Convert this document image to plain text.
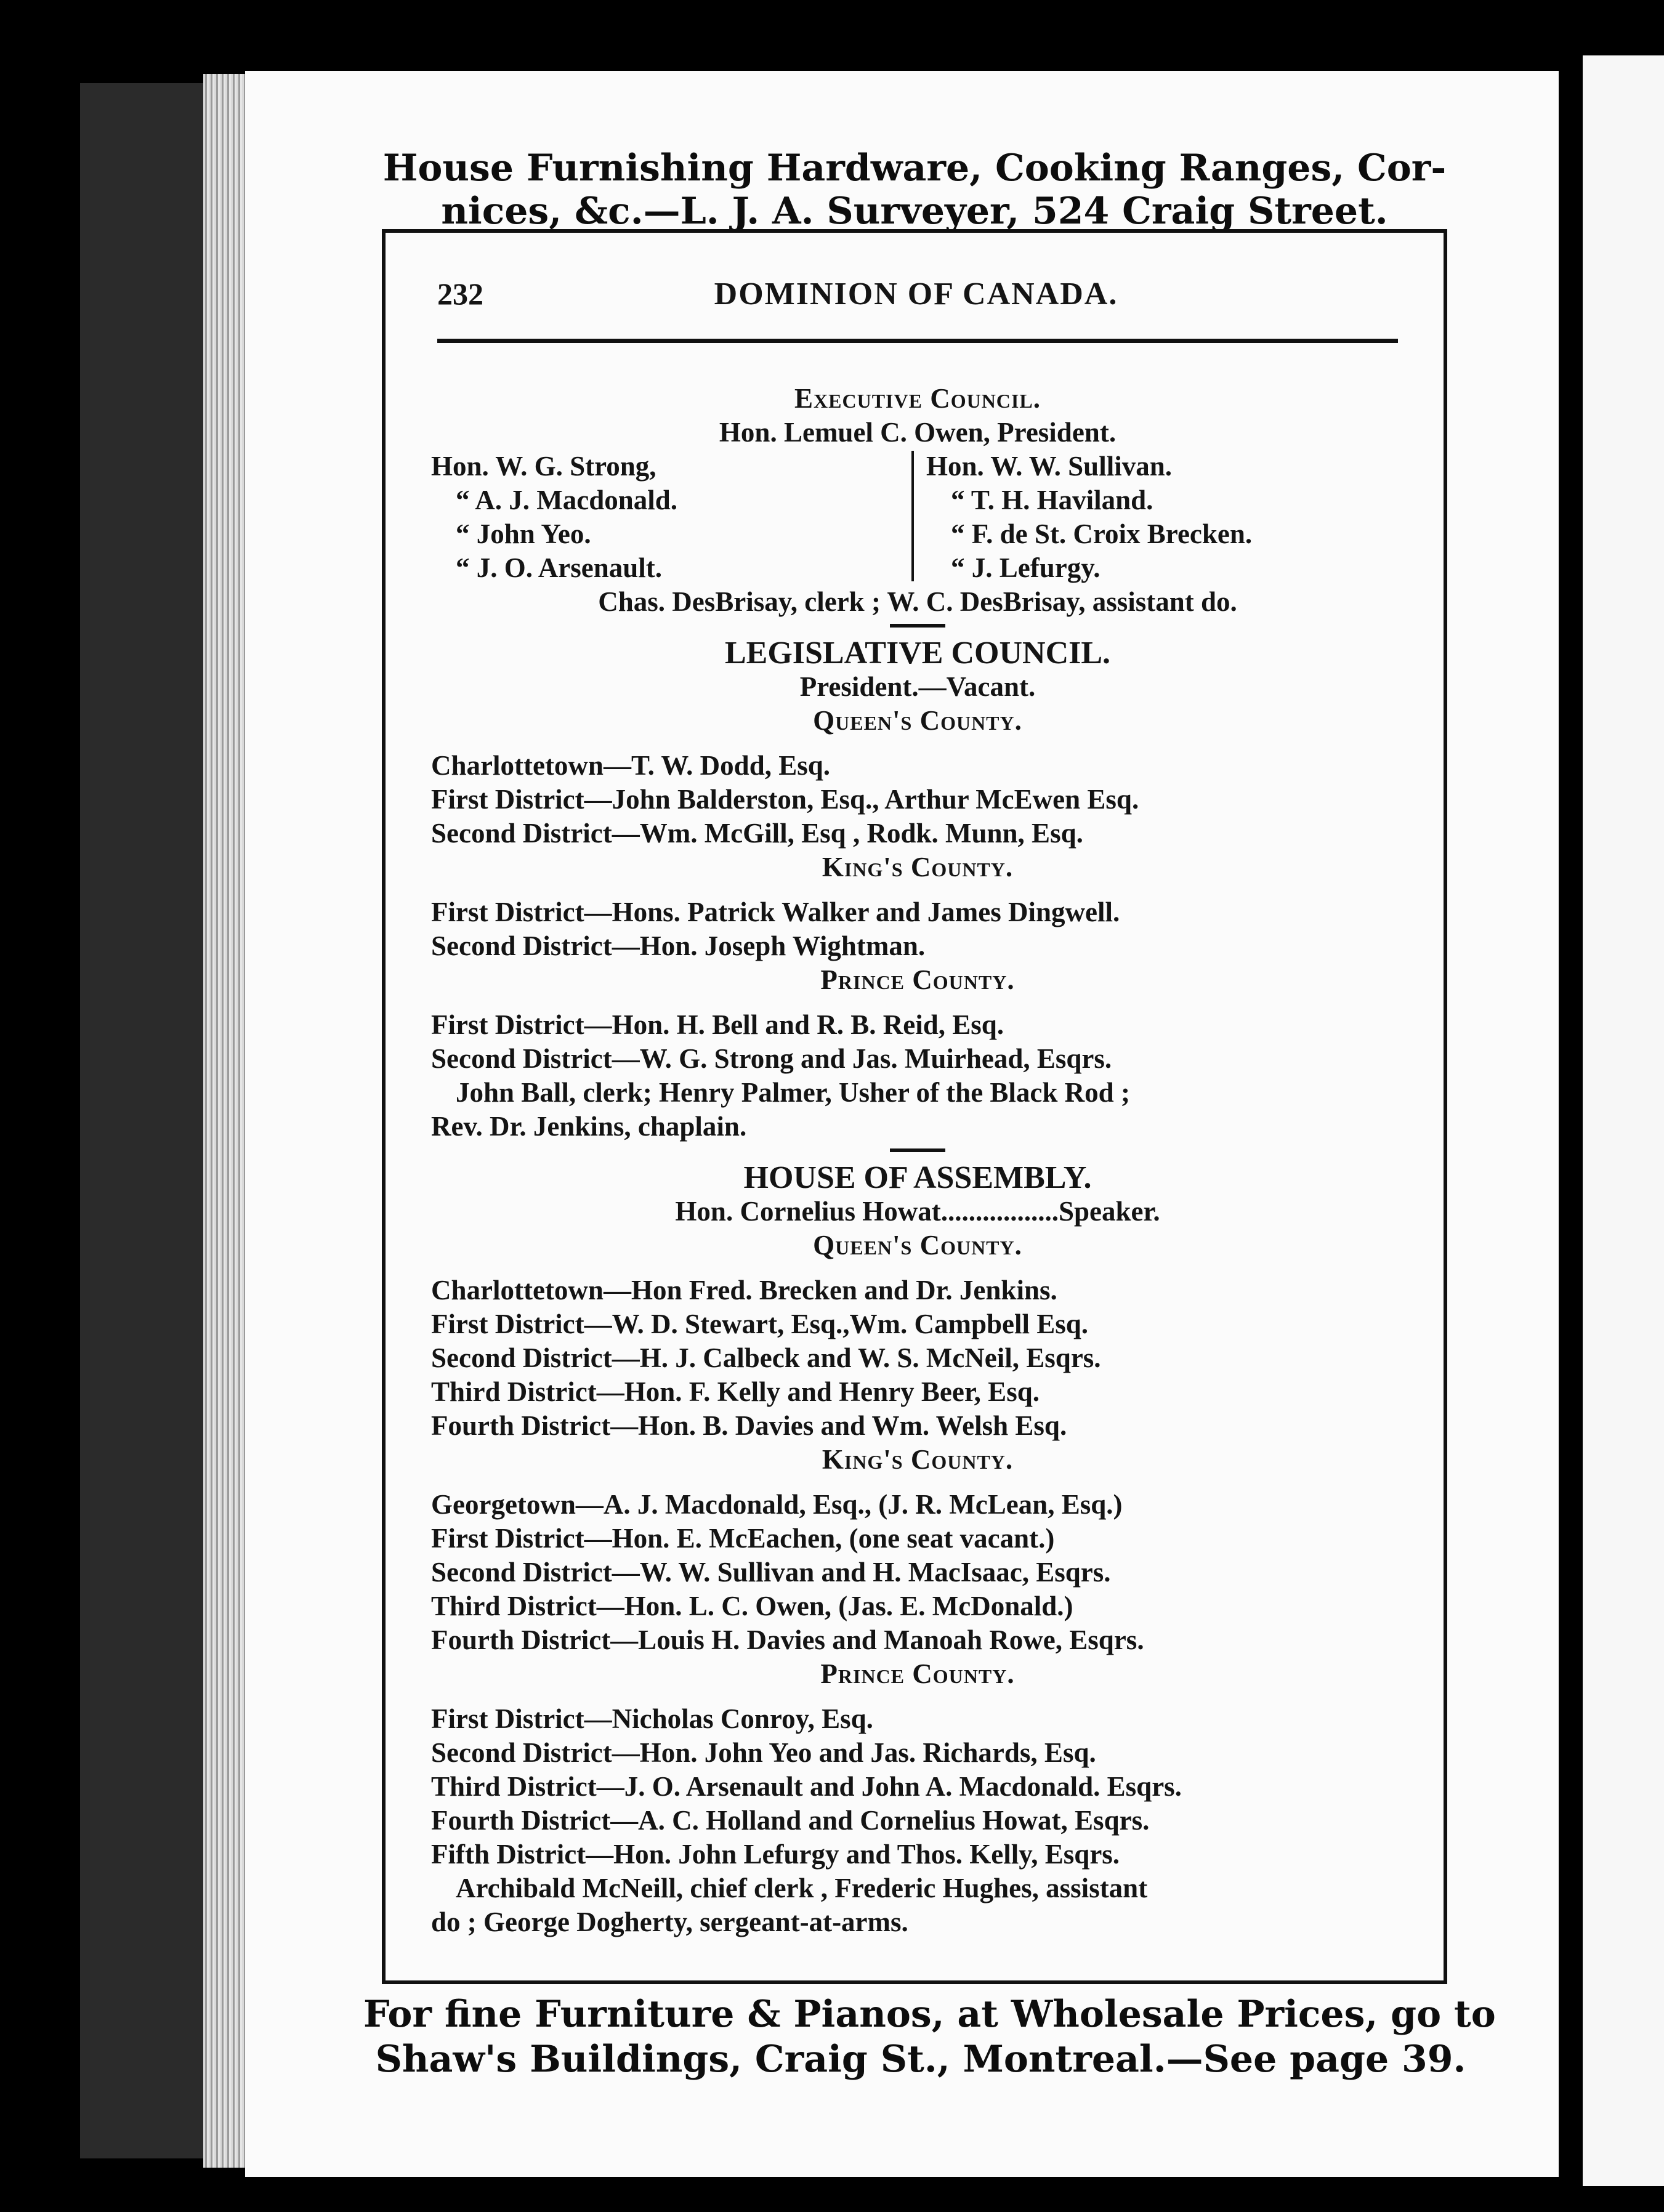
House Furnishing Hardware, Cooking Ranges, Cor-
nices, &c.—L. J. A. Surveyer, 524 Craig Street.
DOMINION OF CANADA.
232
Executive Council.
Hon. Lemuel C. Owen, President.
Hon. W. G. Strong,
“ A. J. Macdonald.
“ John Yeo.
“ J. O. Arsenault.
Hon. W. W. Sullivan.
“ T. H. Haviland.
“ F. de St. Croix Brecken.
“ J. Lefurgy.
Chas. DesBrisay, clerk ; W. C. DesBrisay, assistant do.
LEGISLATIVE COUNCIL.
President.—Vacant.
Queen's County.
Charlottetown—T. W. Dodd, Esq.
First District—John Balderston, Esq., Arthur McEwen Esq.
Second District—Wm. McGill, Esq , Rodk. Munn, Esq.
King's County.
First District—Hons. Patrick Walker and James Dingwell.
Second District—Hon. Joseph Wightman.
Prince County.
First District—Hon. H. Bell and R. B. Reid, Esq.
Second District—W. G. Strong and Jas. Muirhead, Esqrs.
John Ball, clerk; Henry Palmer, Usher of the Black Rod ;
Rev. Dr. Jenkins, chaplain.
HOUSE OF ASSEMBLY.
Hon. Cornelius Howat.................Speaker.
Queen's County.
Charlottetown—Hon Fred. Brecken and Dr. Jenkins.
First District—W. D. Stewart, Esq.,Wm. Campbell Esq.
Second District—H. J. Calbeck and W. S. McNeil, Esqrs.
Third District—Hon. F. Kelly and Henry Beer, Esq.
Fourth District—Hon. B. Davies and Wm. Welsh Esq.
King's County.
Georgetown—A. J. Macdonald, Esq., (J. R. McLean, Esq.)
First District—Hon. E. McEachen, (one seat vacant.)
Second District—W. W. Sullivan and H. MacIsaac, Esqrs.
Third District—Hon. L. C. Owen, (Jas. E. McDonald.)
Fourth District—Louis H. Davies and Manoah Rowe, Esqrs.
Prince County.
First District—Nicholas Conroy, Esq.
Second District—Hon. John Yeo and Jas. Richards, Esq.
Third District—J. O. Arsenault and John A. Macdonald. Esqrs.
Fourth District—A. C. Holland and Cornelius Howat, Esqrs.
Fifth District—Hon. John Lefurgy and Thos. Kelly, Esqrs.
Archibald McNeill, chief clerk , Frederic Hughes, assistant
do ; George Dogherty, sergeant-at-arms.
For fine Furniture & Pianos, at Wholesale Prices, go to
Shaw's Buildings, Craig St., Montreal.—See page 39.
